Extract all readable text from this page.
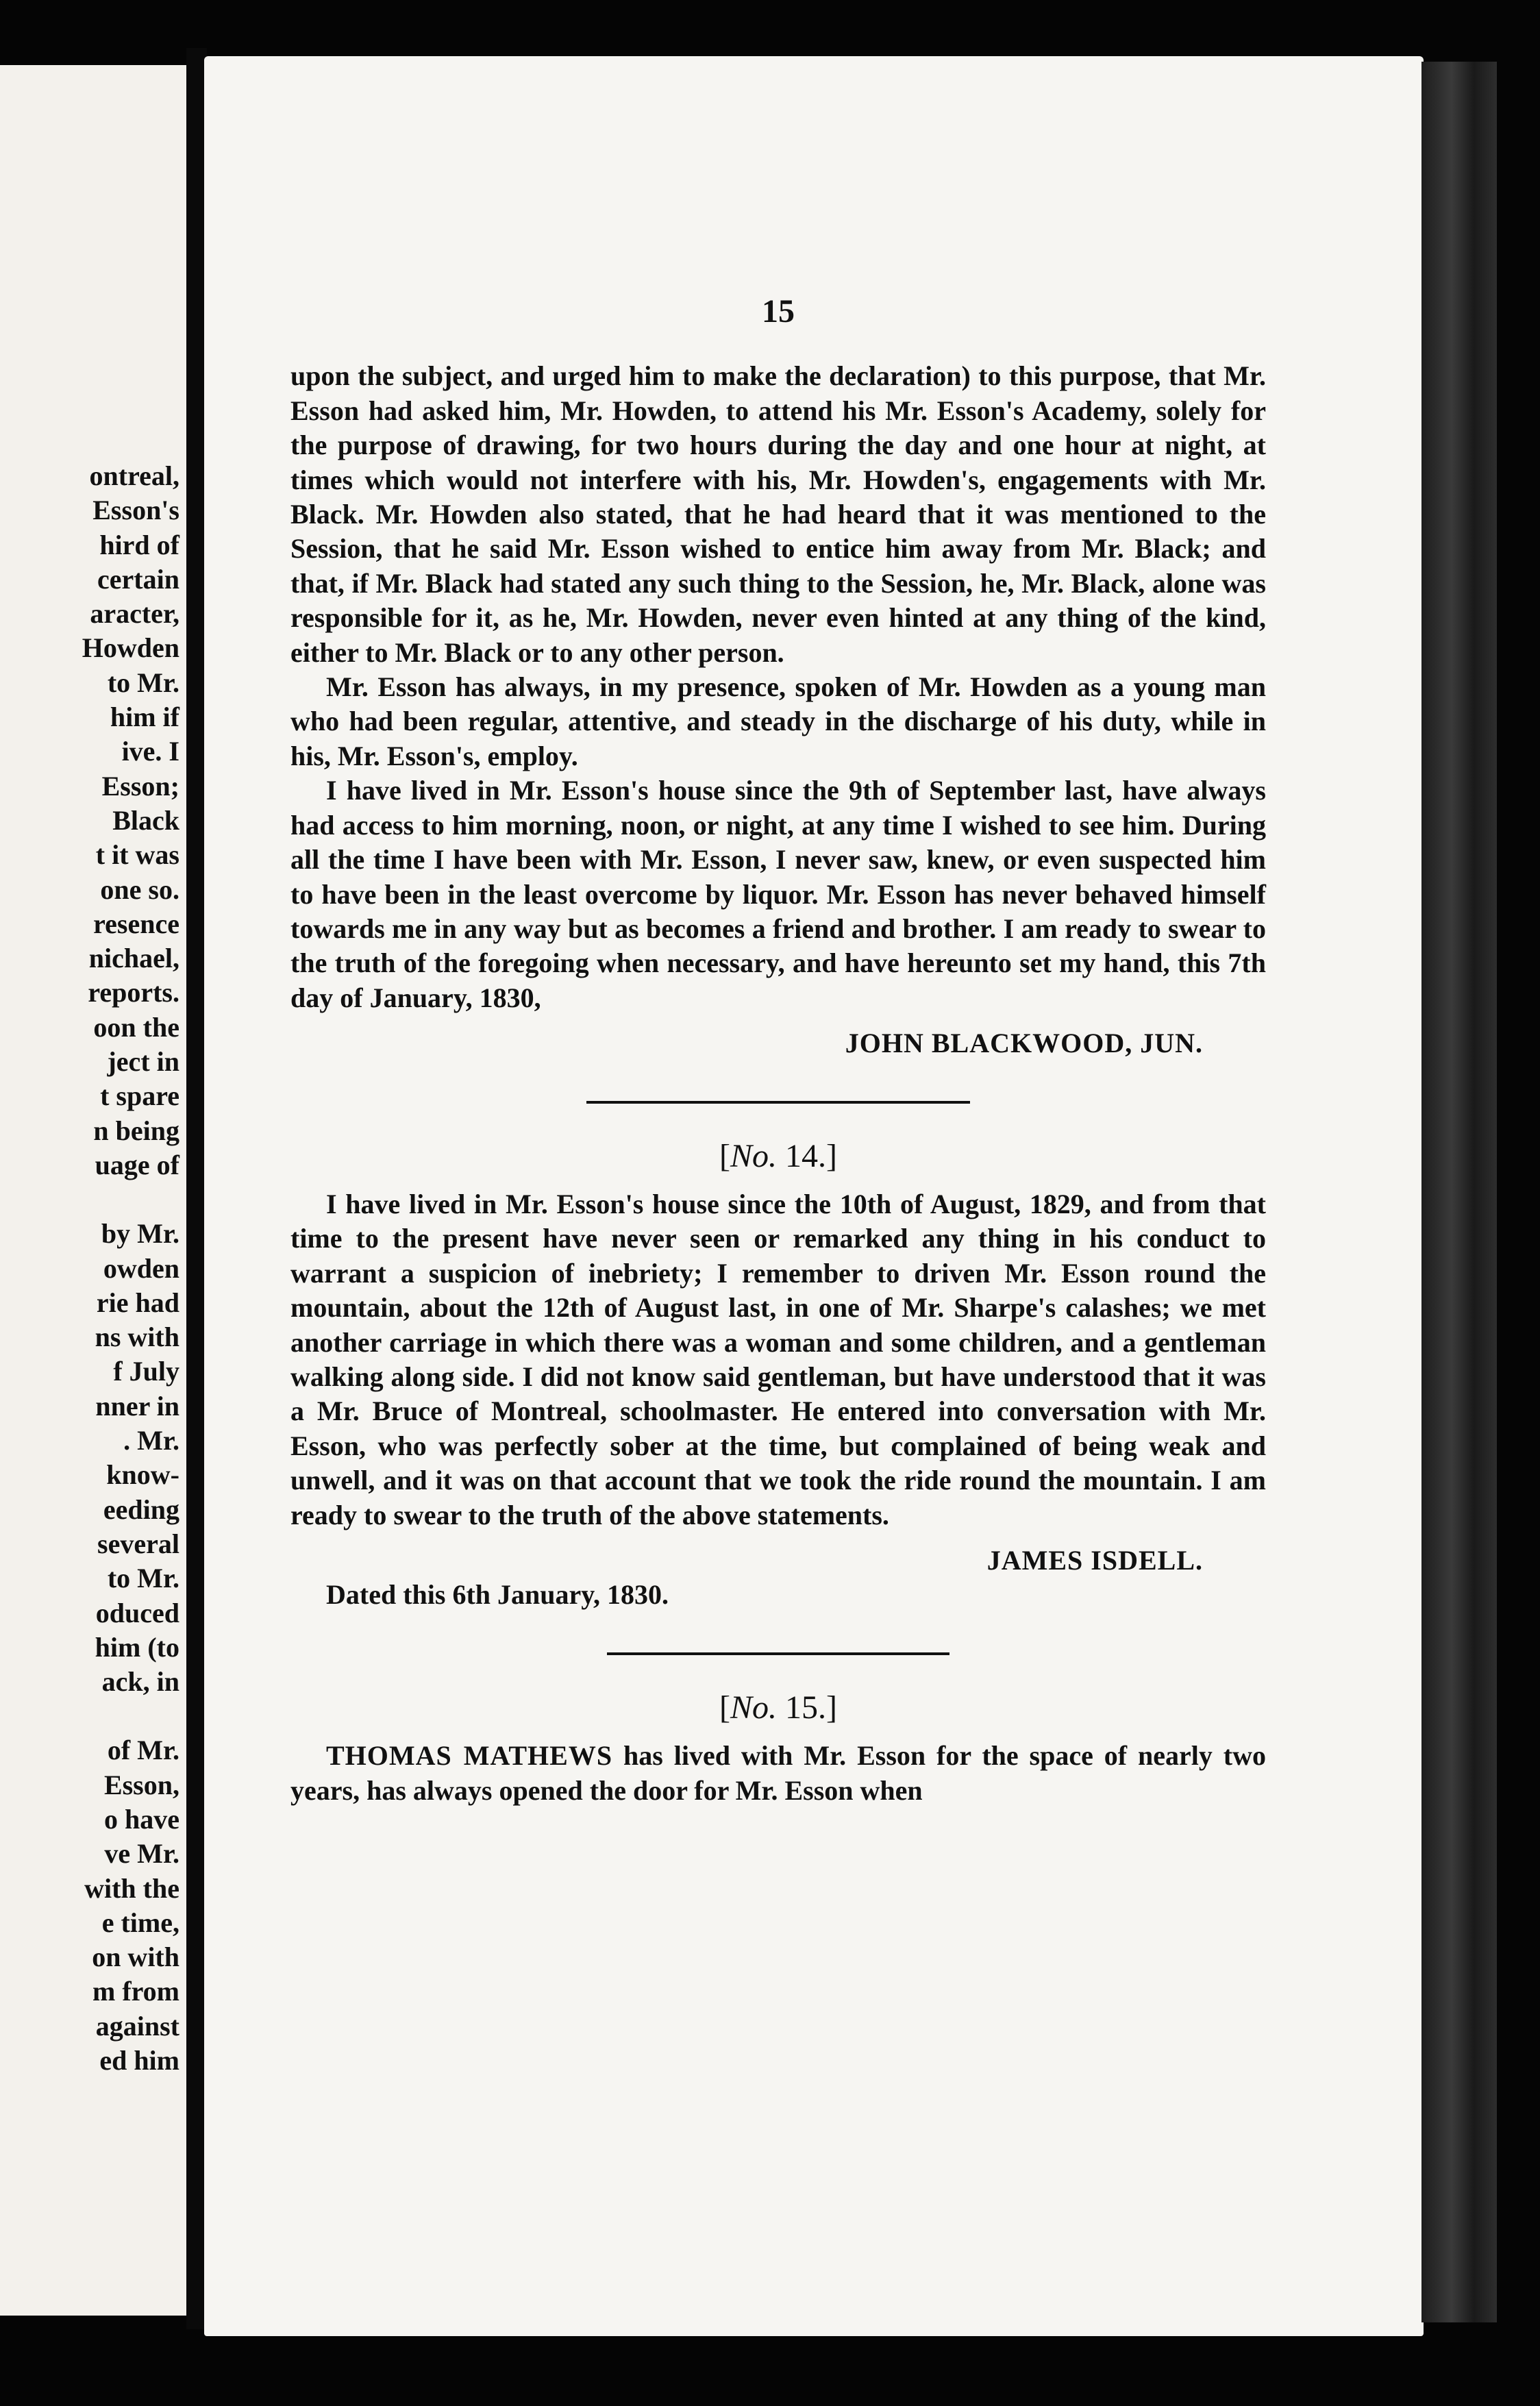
ontreal,
Esson's
hird of
certain
aracter,
Howden
to Mr.
him if
ive. I
Esson;
Black
t it was
one so.
resence
nichael,
reports.
oon the
ject in
t spare
n being
uage of
by Mr.
owden
rie had
ns with
f July
nner in
. Mr.
know-
eeding
several
to Mr.
oduced
him (to
ack, in
of Mr.
Esson,
o have
ve Mr.
with the
e time,
on with
m from
against
ed him
15

upon the subject, and urged him to make the declaration) to this purpose, that Mr. Esson had asked him, Mr. Howden, to attend his Mr. Esson's Academy, solely for the purpose of drawing, for two hours during the day and one hour at night, at times which would not interfere with his, Mr. Howden's, engagements with Mr. Black. Mr. Howden also stated, that he had heard that it was mentioned to the Session, that he said Mr. Esson wished to entice him away from Mr. Black; and that, if Mr. Black had stated any such thing to the Session, he, Mr. Black, alone was responsible for it, as he, Mr. Howden, never even hinted at any thing of the kind, either to Mr. Black or to any other person.

Mr. Esson has always, in my presence, spoken of Mr. Howden as a young man who had been regular, attentive, and steady in the discharge of his duty, while in his, Mr. Esson's, employ.

I have lived in Mr. Esson's house since the 9th of September last, have always had access to him morning, noon, or night, at any time I wished to see him. During all the time I have been with Mr. Esson, I never saw, knew, or even suspected him to have been in the least overcome by liquor. Mr. Esson has never behaved himself towards me in any way but as becomes a friend and brother. I am ready to swear to the truth of the foregoing when necessary, and have hereunto set my hand, this 7th day of January, 1830,

JOHN BLACKWOOD, JUN.

[No. 14.]

I have lived in Mr. Esson's house since the 10th of August, 1829, and from that time to the present have never seen or remarked any thing in his conduct to warrant a suspicion of inebriety; I remember to driven Mr. Esson round the mountain, about the 12th of August last, in one of Mr. Sharpe's calashes; we met another carriage in which there was a woman and some children, and a gentleman walking along side. I did not know said gentleman, but have understood that it was a Mr. Bruce of Montreal, schoolmaster. He entered into conversation with Mr. Esson, who was perfectly sober at the time, but complained of being weak and unwell, and it was on that account that we took the ride round the mountain. I am ready to swear to the truth of the above statements.

JAMES ISDELL.

Dated this 6th January, 1830.

[No. 15.]

THOMAS MATHEWS has lived with Mr. Esson for the space of nearly two years, has always opened the door for Mr. Esson when
